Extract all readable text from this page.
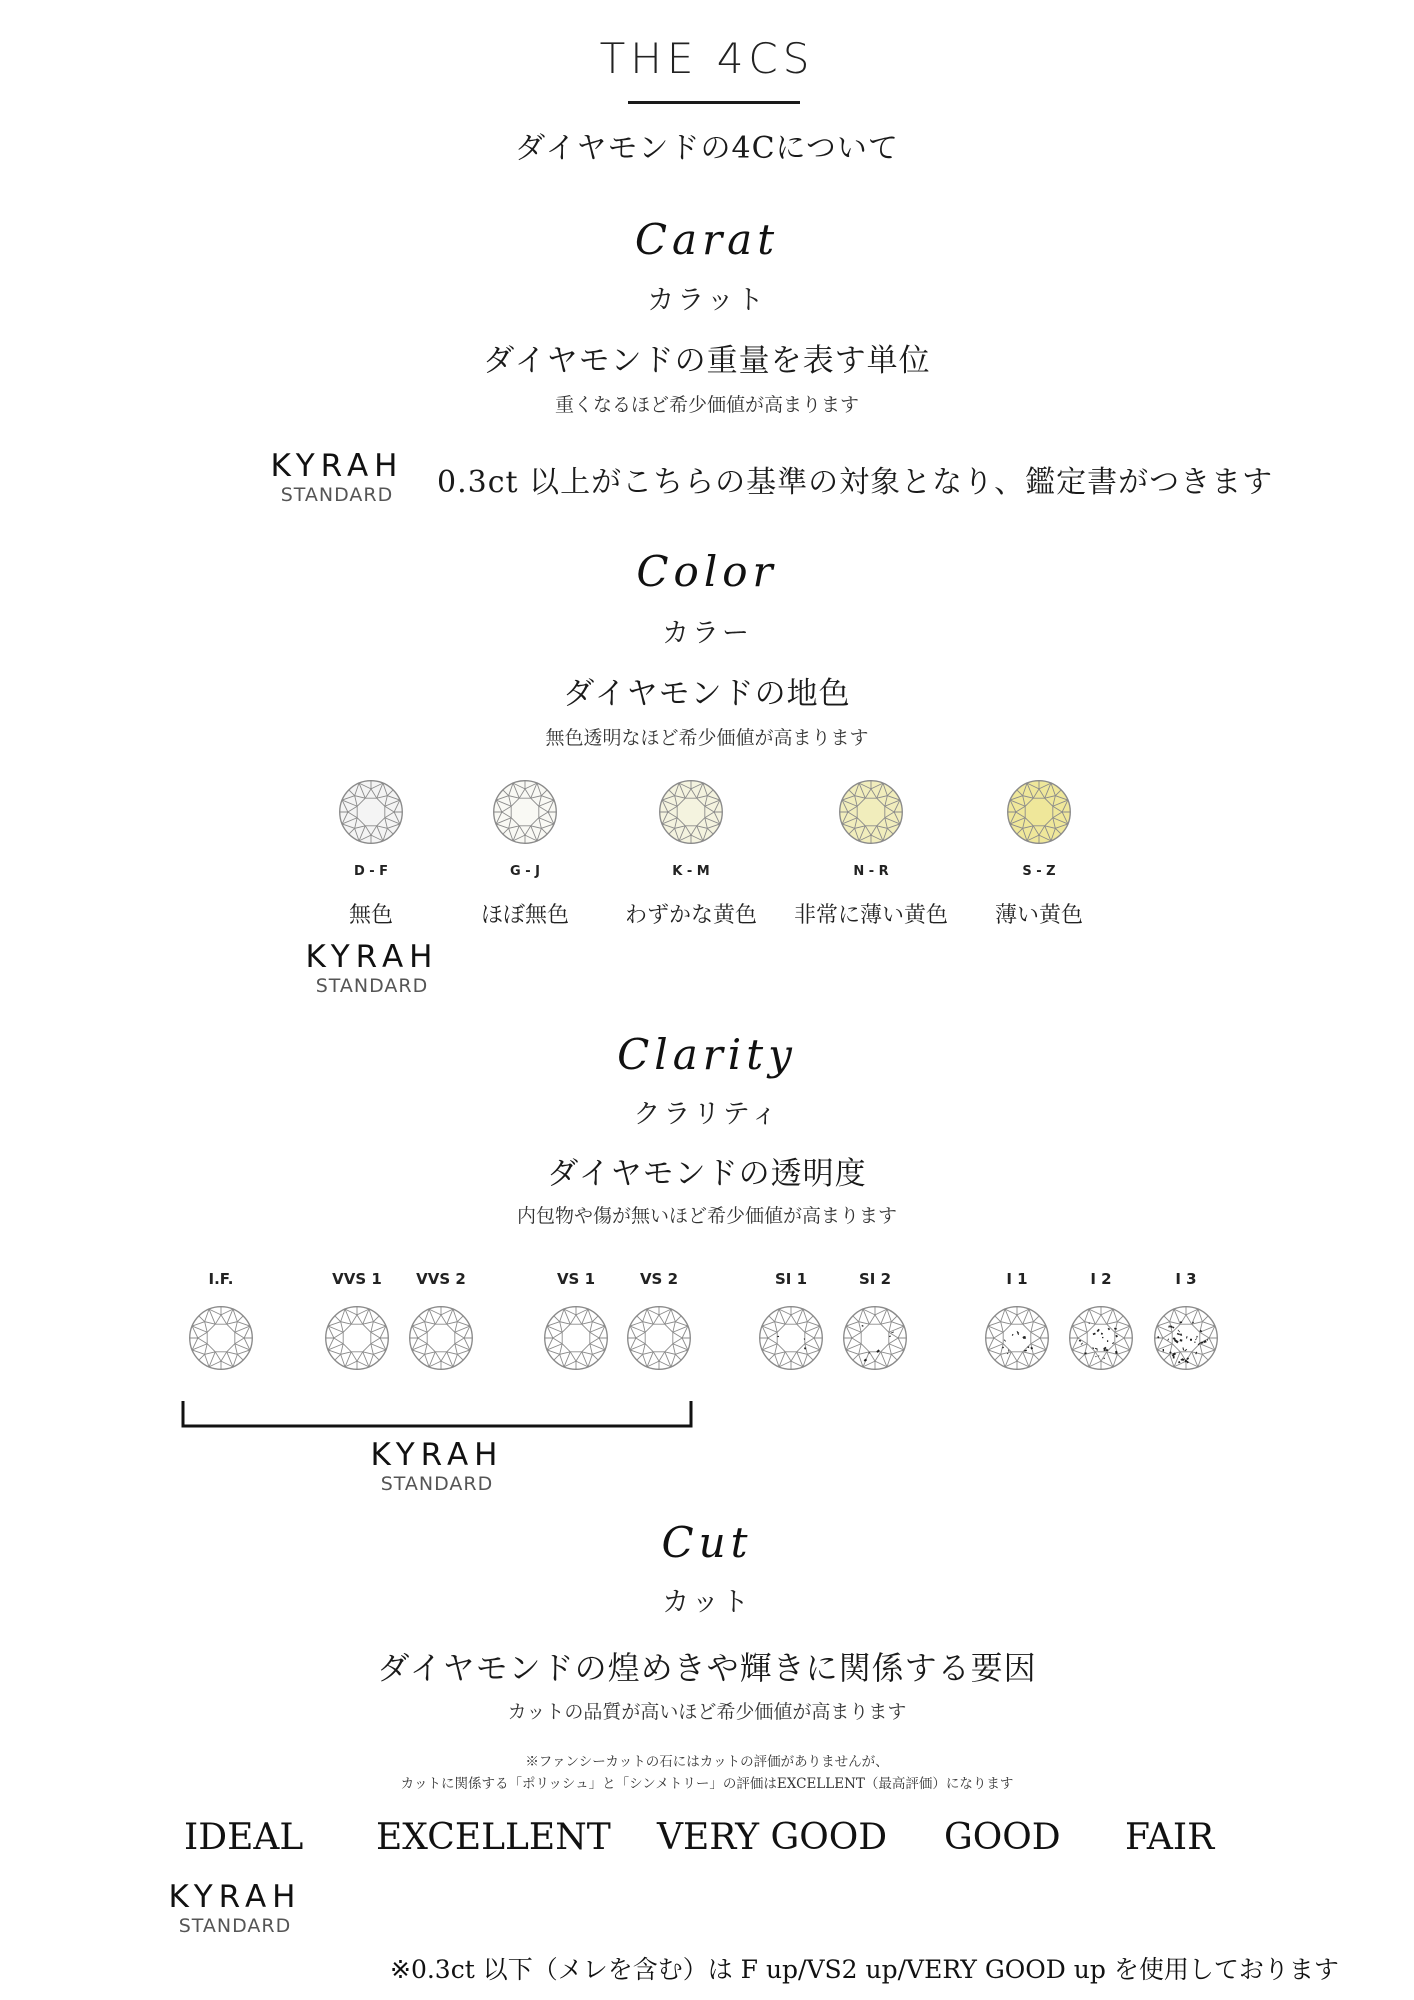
THE 4CS
ダイヤモンドの4Cについて
Carat
カラット
ダイヤモンドの重量を表す単位
重くなるほど希少価値が高まります
KYRAH
STANDARD	0.3ct 以上がこちらの基準の対象となり、鑑定書がつきます
Color
カラー
ダイヤモンドの地色
無色透明なほど希少価値が高まります
D - F
無色
G - J
ほぼ無色
K - M
わずかな黄色
N - R
非常に薄い黄色
S - Z
薄い黄色
KYRAH
STANDARD
Clarity
クラリティ
ダイヤモンドの透明度
内包物や傷が無いほど希少価値が高まります
I.F.	VVS 1	VVS 2	VS 1	VS 2	SI 1	SI 2	I 1	I 2	I 3
KYRAH
STANDARD
Cut
カット
ダイヤモンドの煌めきや輝きに関係する要因
カットの品質が高いほど希少価値が高まります
※ファンシーカットの石にはカットの評価がありませんが、
カットに関係する「ポリッシュ」と「シンメトリー」の評価はEXCELLENT（最高評価）になります
IDEAL EXCELLENT VERY GOOD GOOD FAIR
KYRAH
STANDARD
※0.3ct 以下（メレを含む）は F up/VS2 up/VERY GOOD up を使用しております
